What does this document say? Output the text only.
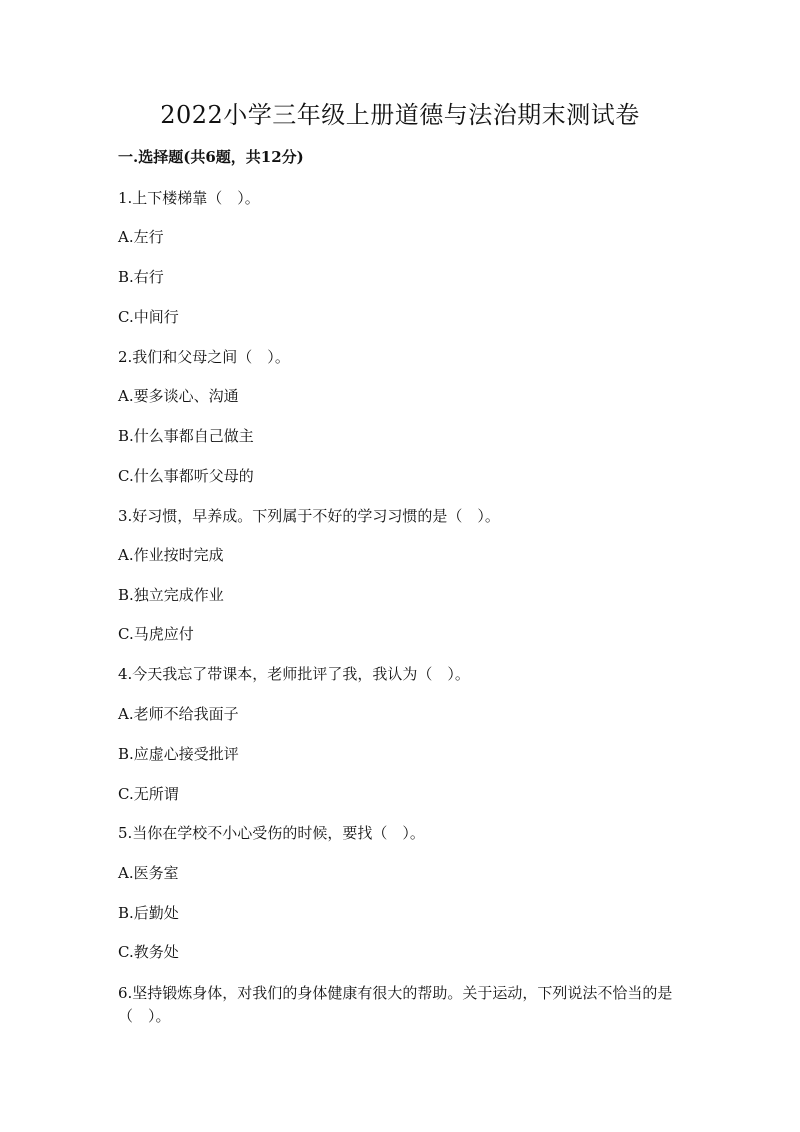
2022小学三年级上册道德与法治期末测试卷
一.选择题(共6题，共12分)
1.上下楼梯靠（　）。
A.左行
B.右行
C.中间行
2.我们和父母之间（　）。
A.要多谈心、沟通
B.什么事都自己做主
C.什么事都听父母的
3.好习惯，早养成。下列属于不好的学习习惯的是（　）。
A.作业按时完成
B.独立完成作业
C.马虎应付
4.今天我忘了带课本，老师批评了我，我认为（　）。
A.老师不给我面子
B.应虚心接受批评
C.无所谓
5.当你在学校不小心受伤的时候，要找（　）。
A.医务室
B.后勤处
C.教务处
6.坚持锻炼身体，对我们的身体健康有很大的帮助。关于运动，下列说法不恰当的是（　）。
